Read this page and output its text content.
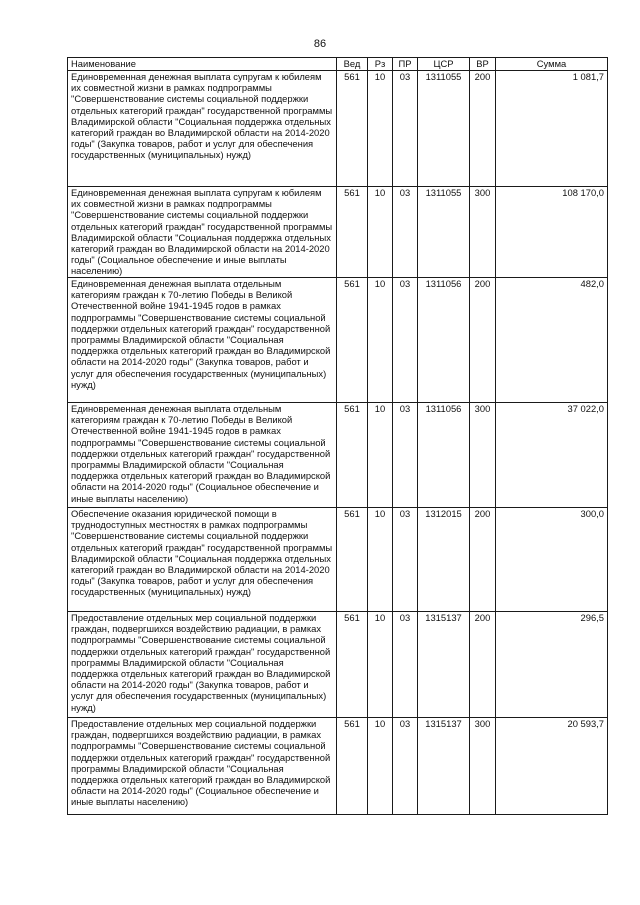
86
Наименование	Вед	Рз	ПР	ЦСР	ВР	Сумма
Единовременная денежная выплата супругам к юбилеям их совместной жизни в рамках подпрограммы "Совершенствование системы социальной поддержки отдельных категорий граждан" государственной программы Владимирской области "Социальная поддержка отдельных категорий граждан во Владимирской области на 2014-2020 годы" (Закупка товаров, работ и услуг для обеспечения государственных (муниципальных) нужд)	561	10	03	1311055	200	1 081,7
Единовременная денежная выплата супругам к юбилеям их совместной жизни в рамках подпрограммы "Совершенствование системы социальной поддержки отдельных категорий граждан" государственной программы Владимирской области "Социальная поддержка отдельных категорий граждан во Владимирской области на 2014-2020 годы" (Социальное обеспечение и иные выплаты населению)	561	10	03	1311055	300	108 170,0
Единовременная денежная выплата отдельным категориям граждан к 70-летию Победы в Великой Отечественной войне 1941-1945 годов в рамках подпрограммы "Совершенствование системы социальной поддержки отдельных категорий граждан" государственной программы Владимирской области "Социальная поддержка отдельных категорий граждан во Владимирской области на 2014-2020 годы" (Закупка товаров, работ и услуг для обеспечения государственных (муниципальных) нужд)	561	10	03	1311056	200	482,0
Единовременная денежная выплата отдельным категориям граждан к 70-летию Победы в Великой Отечественной войне 1941-1945 годов в рамках подпрограммы "Совершенствование системы социальной поддержки отдельных категорий граждан" государственной программы Владимирской области "Социальная поддержка отдельных категорий граждан во Владимирской области на 2014-2020 годы" (Социальное обеспечение и иные выплаты населению)	561	10	03	1311056	300	37 022,0
Обеспечение оказания юридической помощи в труднодоступных местностях в рамках подпрограммы "Совершенствование системы социальной поддержки отдельных категорий граждан" государственной программы Владимирской области "Социальная поддержка отдельных категорий граждан во Владимирской области на 2014-2020 годы" (Закупка товаров, работ и услуг для обеспечения государственных (муниципальных) нужд)	561	10	03	1312015	200	300,0
Предоставление отдельных мер социальной поддержки граждан, подвергшихся воздействию радиации, в рамках подпрограммы "Совершенствование системы социальной поддержки отдельных категорий граждан" государственной программы Владимирской области "Социальная поддержка отдельных категорий граждан во Владимирской области на 2014-2020 годы" (Закупка товаров, работ и услуг для обеспечения государственных (муниципальных) нужд)	561	10	03	1315137	200	296,5
Предоставление отдельных мер социальной поддержки граждан, подвергшихся воздействию радиации, в рамках подпрограммы "Совершенствование системы социальной поддержки отдельных категорий граждан" государственной программы Владимирской области "Социальная поддержка отдельных категорий граждан во Владимирской области на 2014-2020 годы" (Социальное обеспечение и иные выплаты населению)	561	10	03	1315137	300	20 593,7
